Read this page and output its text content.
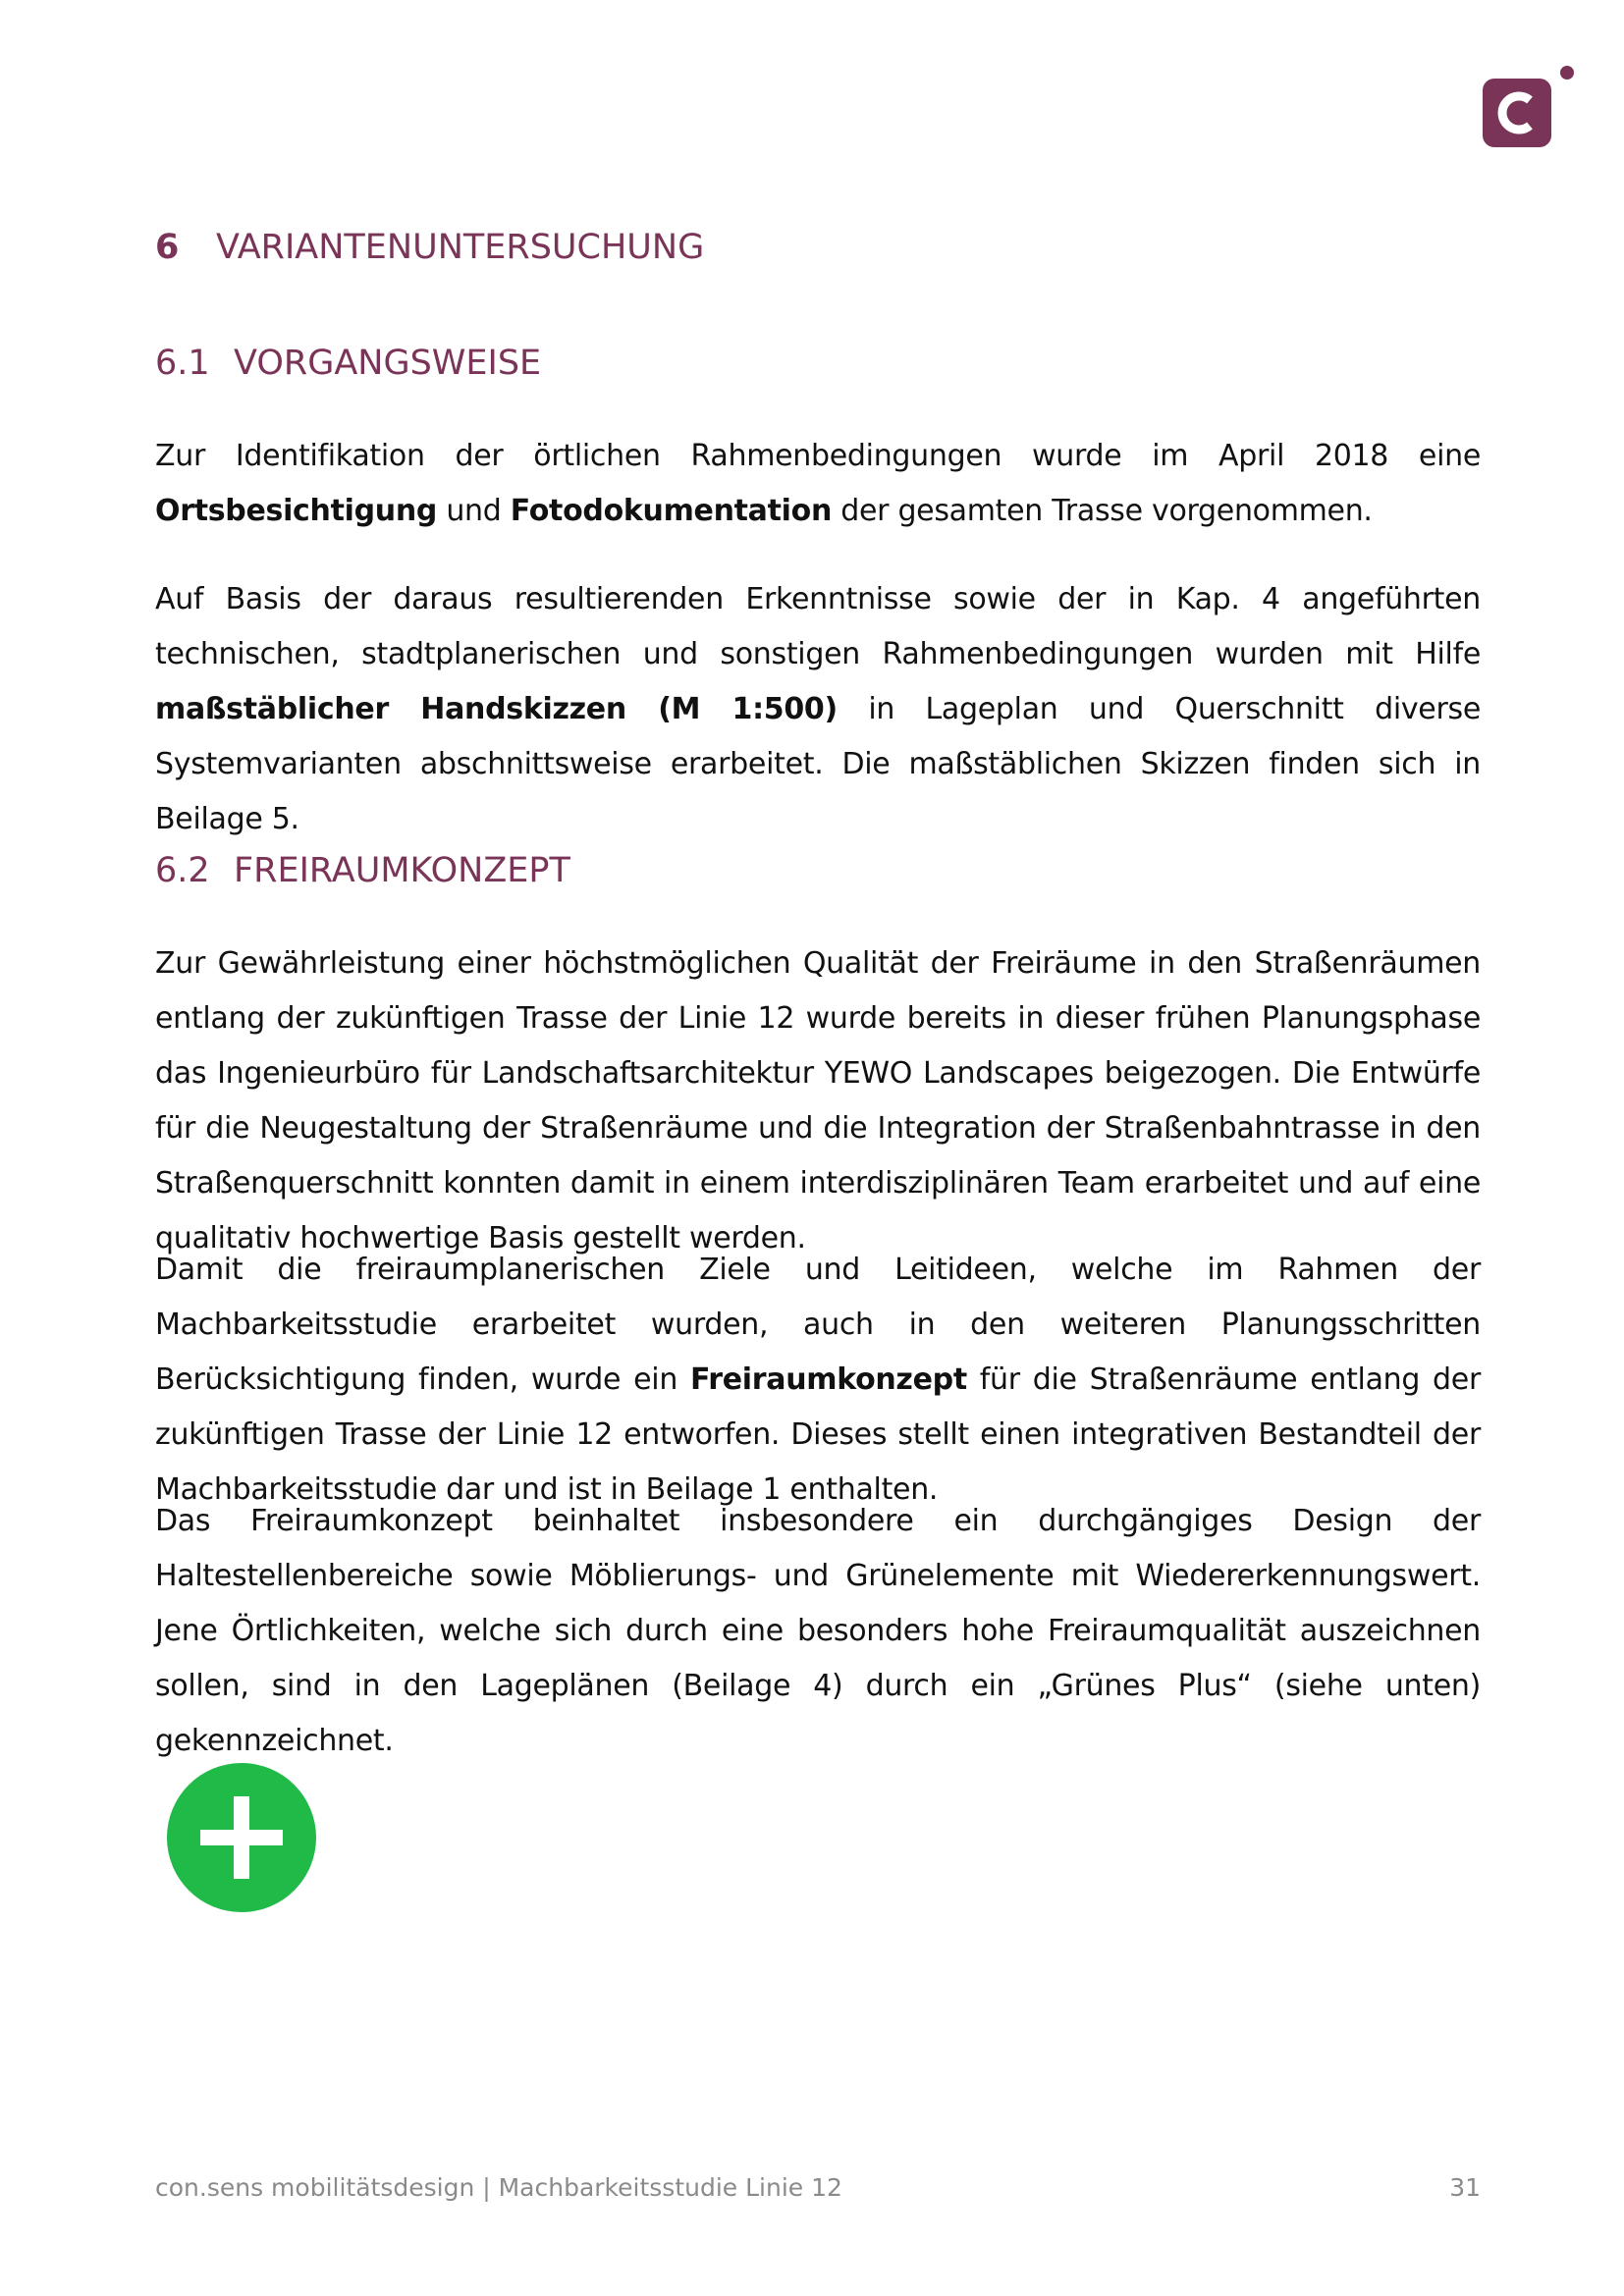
6 VARIANTENUNTERSUCHUNG
6.1 VORGANGSWEISE

Zur Identifikation der örtlichen Rahmenbedingungen wurde im April 2018 eine Ortsbesichtigung und Fotodokumentation der gesamten Trasse vorgenommen.

Auf Basis der daraus resultierenden Erkenntnisse sowie der in Kap. 4 angeführten technischen, stadtplanerischen und sonstigen Rahmenbedingungen wurden mit Hilfe maßstäblicher Handskizzen (M 1:500) in Lageplan und Querschnitt diverse Systemvarianten abschnittsweise erarbeitet. Die maßstäblichen Skizzen finden sich in Beilage 5.

6.2 FREIRAUMKONZEPT

Zur Gewährleistung einer höchstmöglichen Qualität der Freiräume in den Straßenräumen entlang der zukünftigen Trasse der Linie 12 wurde bereits in dieser frühen Planungsphase das Ingenieurbüro für Landschaftsarchitektur YEWO Landscapes beigezogen. Die Entwürfe für die Neugestaltung der Straßenräume und die Integration der Straßenbahntrasse in den Straßenquerschnitt konnten damit in einem interdisziplinären Team erarbeitet und auf eine qualitativ hochwertige Basis gestellt werden.

Damit die freiraumplanerischen Ziele und Leitideen, welche im Rahmen der Machbarkeitsstudie erarbeitet wurden, auch in den weiteren Planungsschritten Berücksichtigung finden, wurde ein Freiraumkonzept für die Straßenräume entlang der zukünftigen Trasse der Linie 12 entworfen. Dieses stellt einen integrativen Bestandteil der Machbarkeitsstudie dar und ist in Beilage 1 enthalten.

Das Freiraumkonzept beinhaltet insbesondere ein durchgängiges Design der Haltestellenbereiche sowie Möblierungs- und Grünelemente mit Wiedererkennungswert. Jene Örtlichkeiten, welche sich durch eine besonders hohe Freiraumqualität auszeichnen sollen, sind in den Lageplänen (Beilage 4) durch ein „Grünes Plus“ (siehe unten) gekennzeichnet.

con.sens mobilitätsdesign | Machbarkeitsstudie Linie 12	31
